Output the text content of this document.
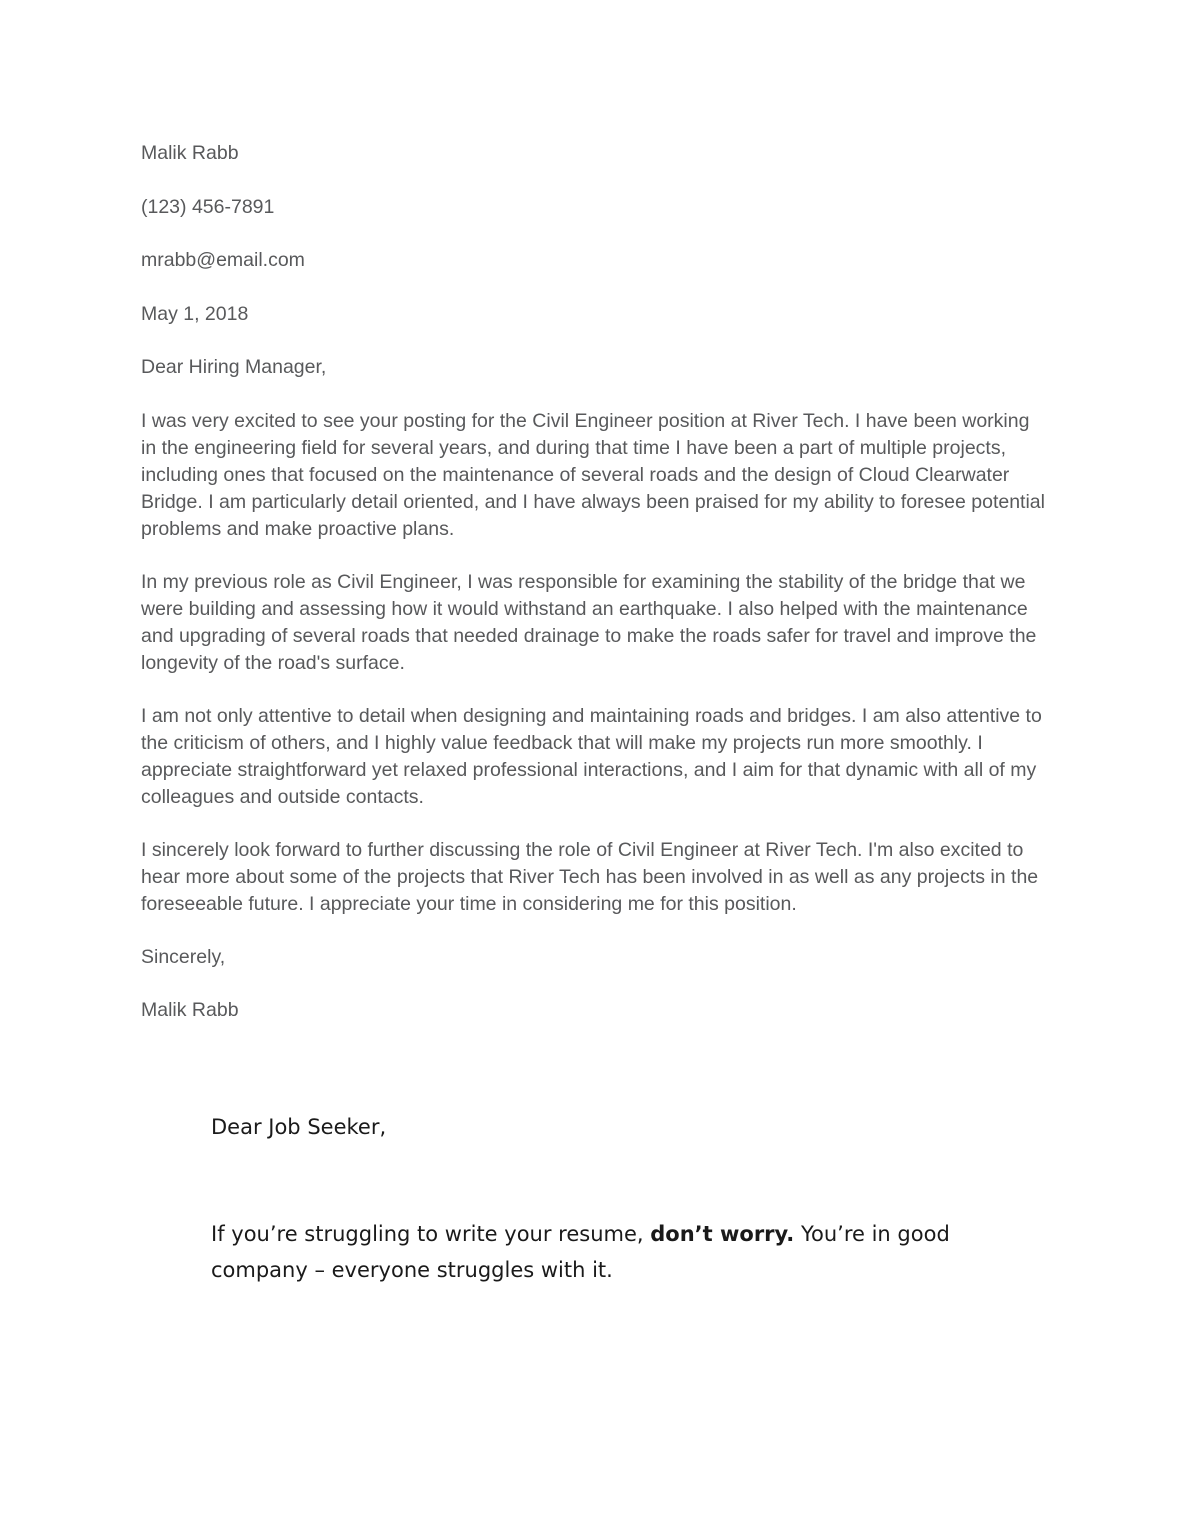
Malik Rabb

(123) 456-7891

mrabb@email.com

May 1, 2018

Dear Hiring Manager,

I was very excited to see your posting for the Civil Engineer position at River Tech. I have been working in the engineering field for several years, and during that time I have been a part of multiple projects, including ones that focused on the maintenance of several roads and the design of Cloud Clearwater Bridge. I am particularly detail oriented, and I have always been praised for my ability to foresee potential problems and make proactive plans.

In my previous role as Civil Engineer, I was responsible for examining the stability of the bridge that we were building and assessing how it would withstand an earthquake. I also helped with the maintenance and upgrading of several roads that needed drainage to make the roads safer for travel and improve the longevity of the road's surface.

I am not only attentive to detail when designing and maintaining roads and bridges. I am also attentive to the criticism of others, and I highly value feedback that will make my projects run more smoothly. I appreciate straightforward yet relaxed professional interactions, and I aim for that dynamic with all of my colleagues and outside contacts.

I sincerely look forward to further discussing the role of Civil Engineer at River Tech. I'm also excited to hear more about some of the projects that River Tech has been involved in as well as any projects in the foreseeable future. I appreciate your time in considering me for this position.

Sincerely,

Malik Rabb

Dear Job Seeker,

If you’re struggling to write your resume, don’t worry. You’re in good company – everyone struggles with it.
